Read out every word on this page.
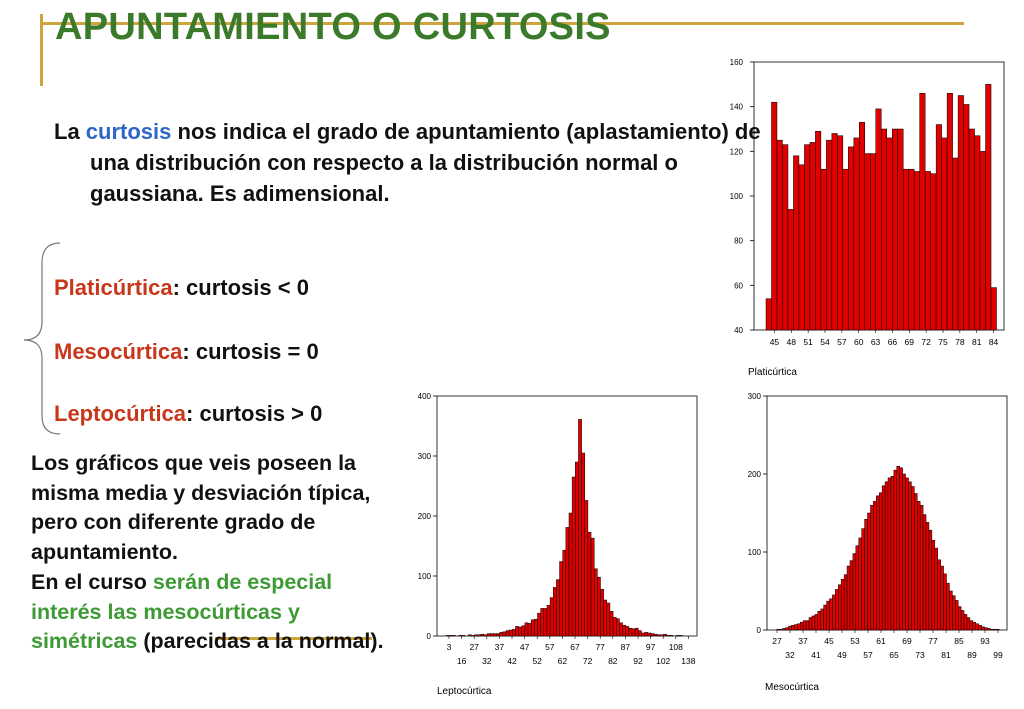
APUNTAMIENTO O CURTOSIS
La curtosis nos indica el grado de apuntamiento (aplastamiento) de una distribución con respecto a la distribución normal o gaussiana. Es adimensional.
Platicúrtica: curtosis < 0
Mesocúrtica: curtosis = 0
Leptocúrtica: curtosis > 0
Los gráficos que veis poseen la misma media y desviación típica, pero con diferente grado de apuntamiento.
En el curso serán de especial interés las mesocúrticas y simétricas (parecidas a la normal).
40
60
80
100
120
140
160
45 48 51 54 57 60 63 66 69 72 75 78 81 84
Platicúrtica
0
100
200
300
400
3
16
27
32
37
42
47
52
57
62
67
72
77
82
87
92
97
102
108
138
Leptocúrtica
0
100
200
300
27
32
37
41
45
49
53
57
61
65
69
73
77
81
85
89
93
99
Mesocúrtica
